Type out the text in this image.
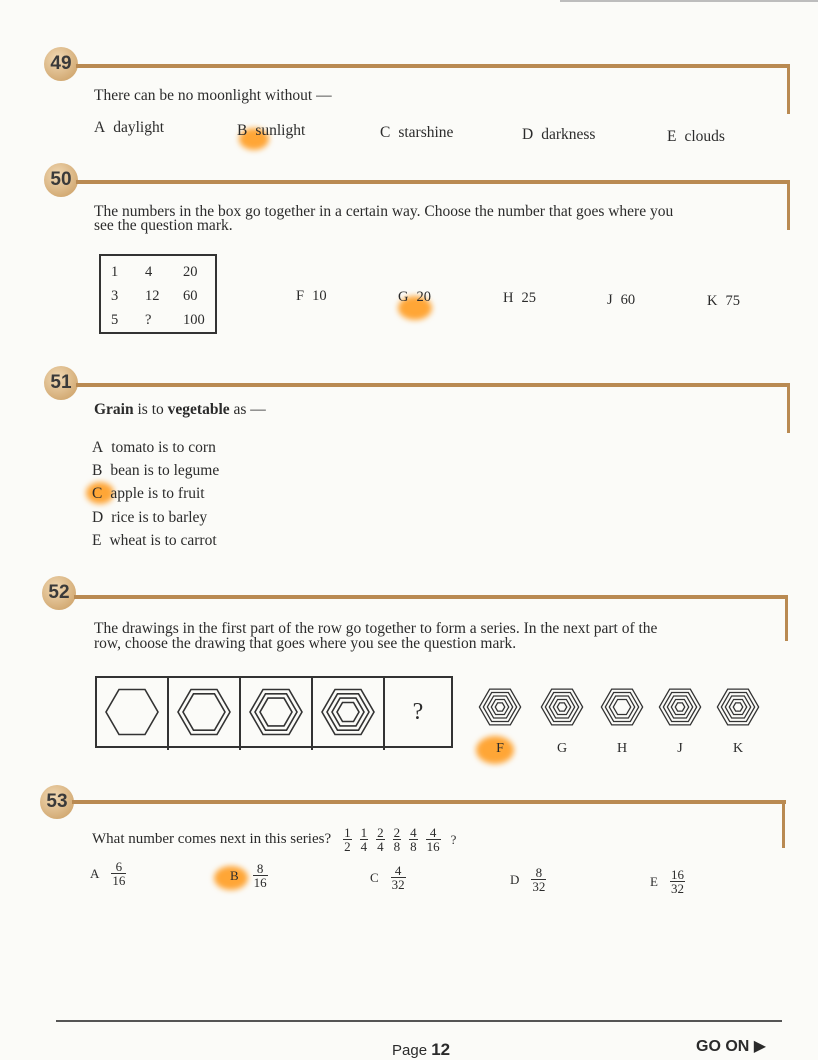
49
There can be no moonlight without —
A daylight	B sunlight	C starshine	D darkness	E clouds
50
The numbers in the box go together in a certain way. Choose the number that goes where you
see the question mark.
1	4	20
3	12	60
5	?	100
F 10	G 20	H 25	J 60	K 75
51
Grain is to vegetable as —
A tomato is to corn
B bean is to legume
C apple is to fruit
D rice is to barley
E wheat is to carrot
52
The drawings in the first part of the row go together to form a series. In the next part of the
row, choose the drawing that goes where you see the question mark.
?
F	G	H	J	K
53
What number comes next in this series? $\frac{1}{2} \frac{1}{4} \frac{2}{4} \frac{2}{8} \frac{4}{8} \frac{4}{16}$ ?
A $\frac{6}{16}$	B $\frac{8}{16}$	C $\frac{4}{32}$	D $\frac{8}{32}$	E $\frac{16}{32}$
Page 12	GO ON ▶
